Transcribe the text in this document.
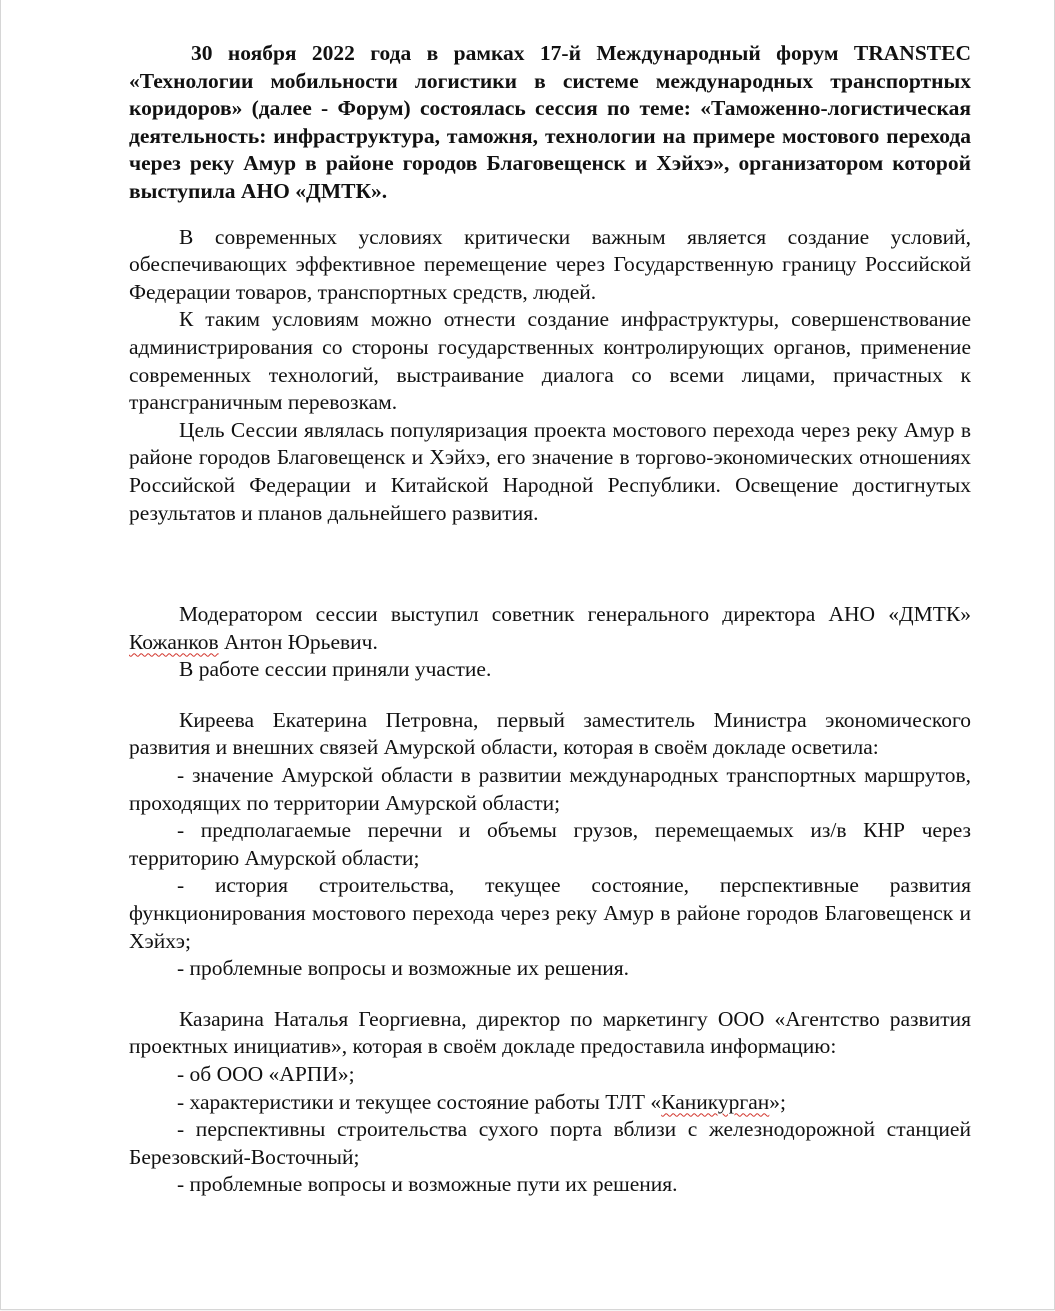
30 ноября 2022 года в рамках 17-й Международный форум TRANSTEC «Технологии мобильности логистики в системе международных транспортных коридоров» (далее - Форум) состоялась сессия по теме: «Таможенно-логистическая деятельность: инфраструктура, таможня, технологии на примере мостового перехода через реку Амур в районе городов Благовещенск и Хэйхэ», организатором которой выступила АНО «ДМТК».

В современных условиях критически важным является создание условий, обеспечивающих эффективное перемещение через Государственную границу Российской Федерации товаров, транспортных средств, людей.

К таким условиям можно отнести создание инфраструктуры, совершенствование администрирования со стороны государственных контролирующих органов, применение современных технологий, выстраивание диалога со всеми лицами, причастных к трансграничным перевозкам.

Цель Сессии являлась популяризация проекта мостового перехода через реку Амур в районе городов Благовещенск и Хэйхэ, его значение в торгово-экономических отношениях Российской Федерации и Китайской Народной Республики. Освещение достигнутых результатов и планов дальнейшего развития.

Модератором сессии выступил советник генерального директора АНО «ДМТК» Кожанков Антон Юрьевич.

В работе сессии приняли участие.

Киреева Екатерина Петровна, первый заместитель Министра экономического развития и внешних связей Амурской области, которая в своём докладе осветила:

- значение Амурской области в развитии международных транспортных маршрутов, проходящих по территории Амурской области;

- предполагаемые перечни и объемы грузов, перемещаемых из/в КНР через территорию Амурской области;

- история строительства, текущее состояние, перспективные развития функционирования мостового перехода через реку Амур в районе городов Благовещенск и Хэйхэ;

- проблемные вопросы и возможные их решения.

Казарина Наталья Георгиевна, директор по маркетингу ООО «Агентство развития проектных инициатив», которая в своём докладе предоставила информацию:

- об ООО «АРПИ»;

- характеристики и текущее состояние работы ТЛТ «Каникурган»;

- перспективны строительства сухого порта вблизи с железнодорожной станцией Березовский-Восточный;

- проблемные вопросы и возможные пути их решения.
